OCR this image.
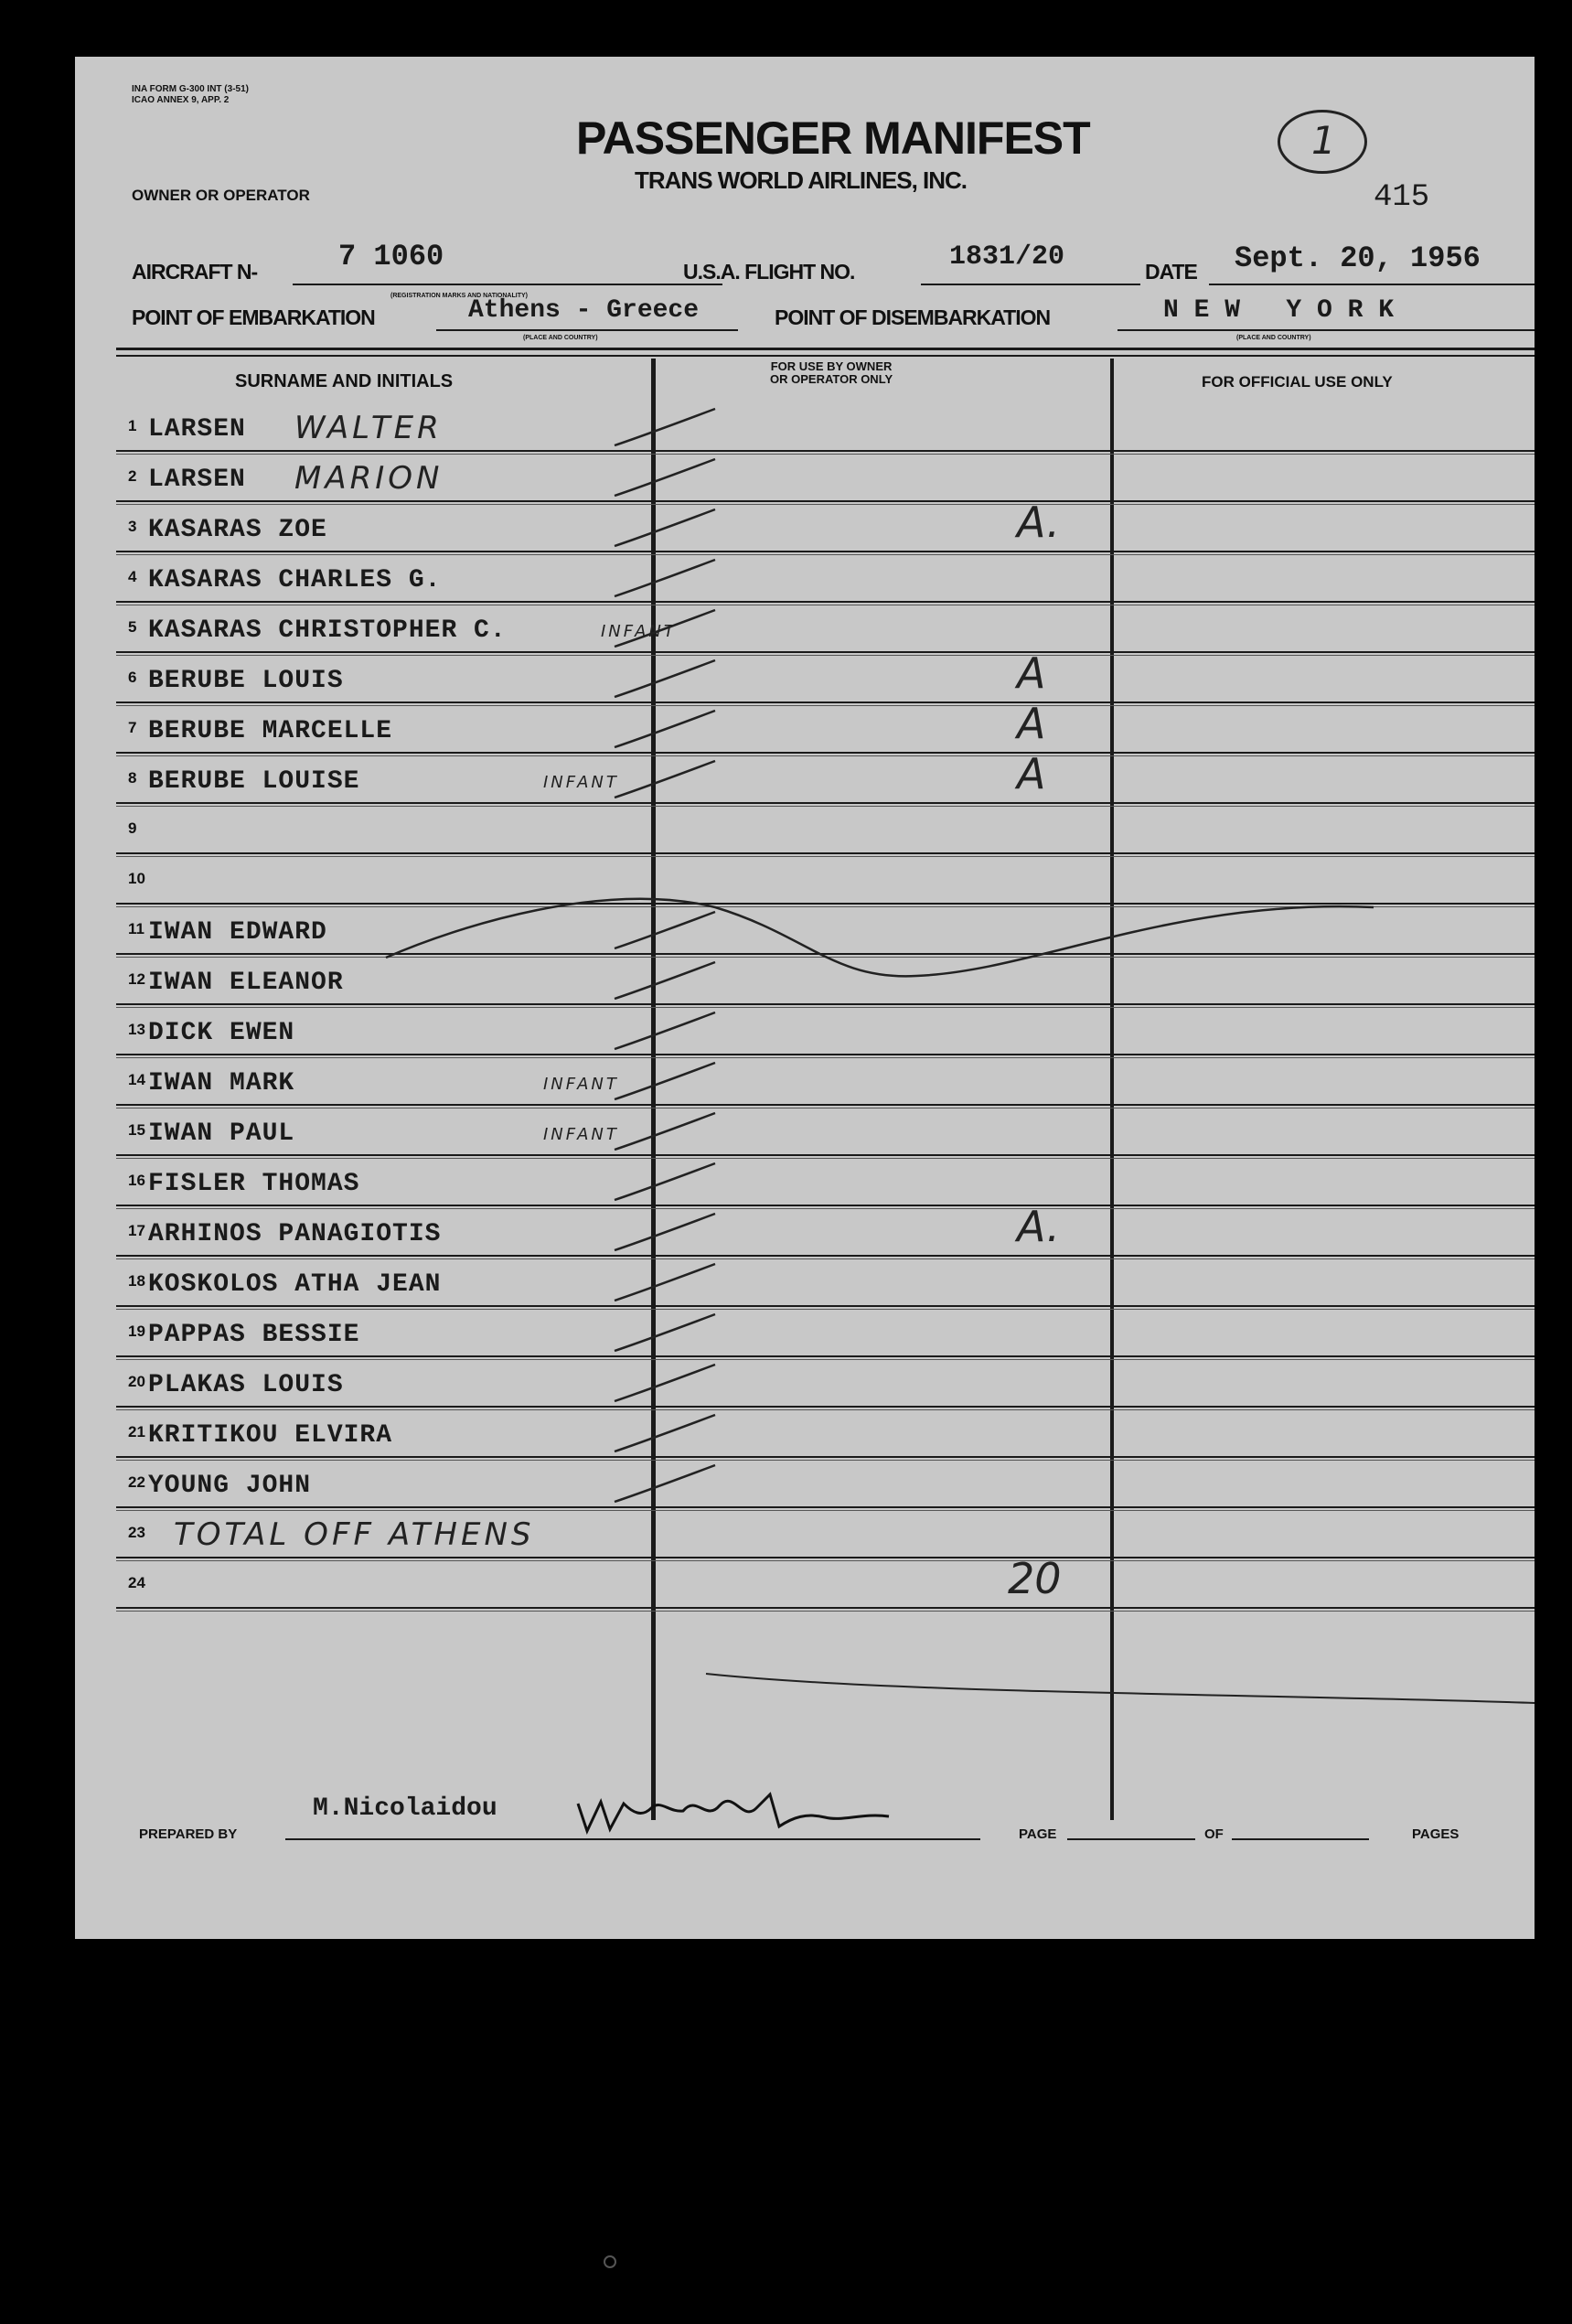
INA FORM G-300 INT (3-51)
ICAO ANNEX 9, APP. 2
PASSENGER MANIFEST
TRANS WORLD AIRLINES, INC.
OWNER OR OPERATOR
1
415
AIRCRAFT N-	7 1060	U.S.A. FLIGHT NO.	1831/20	DATE Sept. 20, 1956
(REGISTRATION MARKS AND NATIONALITY)
POINT OF EMBARKATION	Athens - Greece	POINT OF DISEMBARKATION	N E W   Y O R K
(PLACE AND COUNTRY)	(PLACE AND COUNTRY)
SURNAME AND INITIALS
FOR USE BY OWNER
OR OPERATOR ONLY	FOR OFFICIAL USE ONLY
1 LARSEN WALTER
2 LARSEN MARION
3 KASARAS ZOE	A.
4 KASARAS CHARLES G.
5 KASARAS CHRISTOPHER C.	INFANT
6 BERUBE LOUIS	A
7 BERUBE MARCELLE	A
8 BERUBE LOUISE	INFANT	A
9
10
11 IWAN EDWARD
12 IWAN ELEANOR
13 DICK EWEN
14 IWAN MARK	INFANT
15 IWAN PAUL	INFANT
16 FISLER THOMAS
17 ARHINOS PANAGIOTIS	A.
18 KOSKOLOS ATHA JEAN
19 PAPPAS BESSIE
20 PLAKAS LOUIS
21 KRITIKOU ELVIRA
22 YOUNG JOHN
23 TOTAL OFF ATHENS
24	20
PREPARED BY
M.Nicolaidou
PAGE	OF	PAGES
